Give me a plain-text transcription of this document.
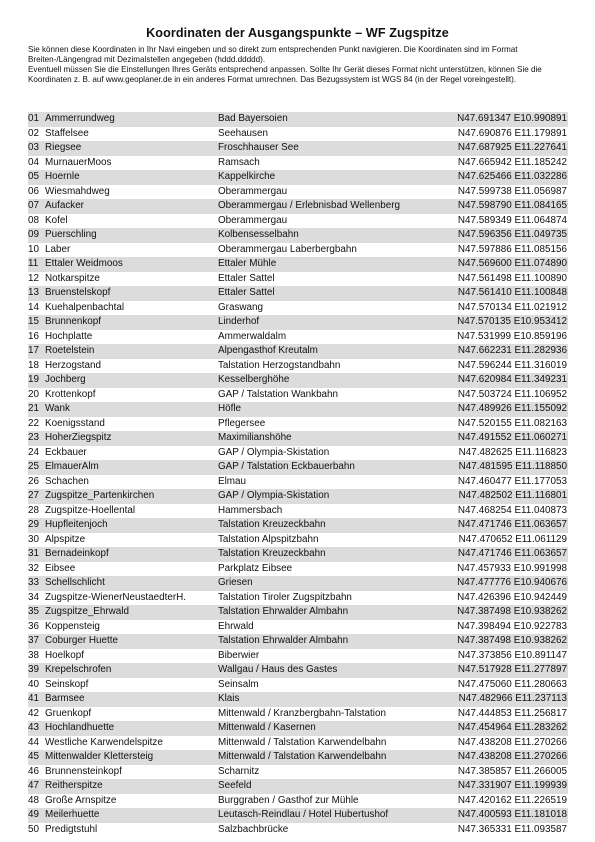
Koordinaten der Ausgangspunkte – WF Zugspitze

Sie können diese Koordinaten in Ihr Navi eingeben und so direkt zum entsprechenden Punkt navigieren. Die Koordinaten sind im Format Breiten-/Längengrad mit Dezimalstellen angegeben (hddd.ddddd).

Eventuell müssen Sie die Einstellungen Ihres Geräts entsprechend anpassen. Sollte Ihr Gerät dieses Format nicht unterstützen, können Sie die Koordinaten z. B. auf www.geoplaner.de in ein anderes Format umrechnen. Das Bezugssystem ist WGS 84 (in der Regel voreingestellt).

01	Ammerrundweg	Bad Bayersoien	N47.691347 E10.990891
02	Staffelsee	Seehausen	N47.690876 E11.179891
03	Riegsee	Froschhauser See	N47.687925 E11.227641
04	MurnauerMoos	Ramsach	N47.665942 E11.185242
05	Hoernle	Kappelkirche	N47.625466 E11.032286
06	Wiesmahdweg	Oberammergau	N47.599738 E11.056987
07	Aufacker	Oberammergau / Erlebnisbad Wellenberg	N47.598790 E11.084165
08	Kofel	Oberammergau	N47.589349 E11.064874
09	Puerschling	Kolbensesselbahn	N47.596356 E11.049735
10	Laber	Oberammergau Laberbergbahn	N47.597886 E11.085156
11	Ettaler Weidmoos	Ettaler Mühle	N47.569600 E11.074890
12	Notkarspitze	Ettaler Sattel	N47.561498 E11.100890
13	Bruenstelskopf	Ettaler Sattel	N47.561410 E11.100848
14	Kuehalpenbachtal	Graswang	N47.570134 E11.021912
15	Brunnenkopf	Linderhof	N47.570135 E10.953412
16	Hochplatte	Ammerwaldalm	N47.531999 E10.859196
17	Roetelstein	Alpengasthof Kreutalm	N47.662231 E11.282936
18	Herzogstand	Talstation Herzogstandbahn	N47.596244 E11.316019
19	Jochberg	Kesselberghöhe	N47.620984 E11.349231
20	Krottenkopf	GAP / Talstation Wankbahn	N47.503724 E11.106952
21	Wank	Höfle	N47.489926 E11.155092
22	Koenigsstand	Pflegersee	N47.520155 E11.082163
23	HoherZiegspitz	Maximilianshöhe	N47.491552 E11.060271
24	Eckbauer	GAP / Olympia-Skistation	N47.482625 E11.116823
25	ElmauerAlm	GAP / Talstation Eckbauerbahn	N47.481595 E11.118850
26	Schachen	Elmau	N47.460477 E11.177053
27	Zugspitze_Partenkirchen	GAP / Olympia-Skistation	N47.482502 E11.116801
28	Zugspitze-Hoellental	Hammersbach	N47.468254 E11.040873
29	Hupfleitenjoch	Talstation Kreuzeckbahn	N47.471746 E11.063657
30	Alpspitze	Talstation Alpspitzbahn	N47.470652 E11.061129
31	Bernadeinkopf	Talstation Kreuzeckbahn	N47.471746 E11.063657
32	Eibsee	Parkplatz Eibsee	N47.457933 E10.991998
33	Schellschlicht	Griesen	N47.477776 E10.940676
34	Zugspitze-WienerNeustaedterH.	Talstation Tiroler Zugspitzbahn	N47.426396 E10.942449
35	Zugspitze_Ehrwald	Talstation Ehrwalder Almbahn	N47.387498 E10.938262
36	Koppensteig	Ehrwald	N47.398494 E10.922783
37	Coburger Huette	Talstation Ehrwalder Almbahn	N47.387498 E10.938262
38	Hoelkopf	Biberwier	N47.373856 E10.891147
39	Krepelschrofen	Wallgau / Haus des Gastes	N47.517928 E11.277897
40	Seinskopf	Seinsalm	N47.475060 E11.280663
41	Barmsee	Klais	N47.482966 E11.237113
42	Gruenkopf	Mittenwald / Kranzbergbahn-Talstation	N47.444853 E11.256817
43	Hochlandhuette	Mittenwald / Kasernen	N47.454964 E11.283262
44	Westliche Karwendelspitze	Mittenwald / Talstation Karwendelbahn	N47.438208 E11.270266
45	Mittenwalder Klettersteig	Mittenwald / Talstation Karwendelbahn	N47.438208 E11.270266
46	Brunnensteinkopf	Scharnitz	N47.385857 E11.266005
47	Reitherspitze	Seefeld	N47.331907 E11.199939
48	Große Arnspitze	Burggraben / Gasthof zur Mühle	N47.420162 E11.226519
49	Meilerhuette	Leutasch-Reindlau / Hotel Hubertushof	N47.400593 E11.181018
50	Predigtstuhl	Salzbachbrücke	N47.365331 E11.093587
